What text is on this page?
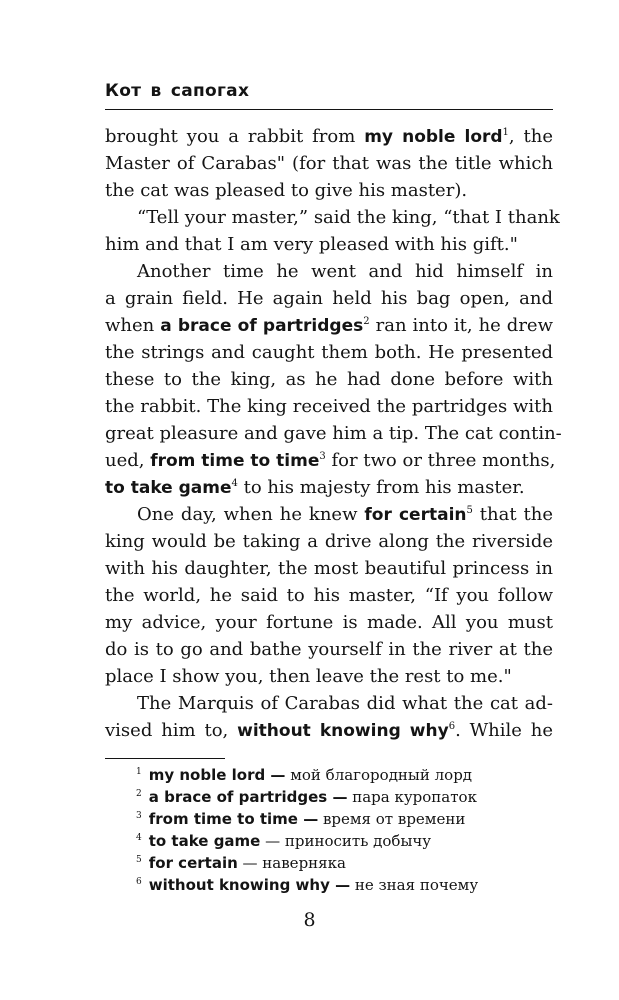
Кот в сапогах
brought you a rabbit from my noble lord$^1$, the
Master of Carabas" (for that was the title which
the cat was pleased to give his master).
“Tell your master,” said the king, “that I thank
him and that I am very pleased with his gift."
Another time he went and hid himself in
a grain field. He again held his bag open, and
when a brace of partridges$^2$ ran into it, he drew
the strings and caught them both. He presented
these to the king, as he had done before with
the rabbit. The king received the partridges with
great pleasure and gave him a tip. The cat contin-
ued, from time to time$^3$ for two or three months,
to take game$^4$ to his majesty from his master.
One day, when he knew for certain$^5$ that the
king would be taking a drive along the riverside
with his daughter, the most beautiful princess in
the world, he said to his master, “If you follow
my advice, your fortune is made. All you must
do is to go and bathe yourself in the river at the
place I show you, then leave the rest to me."
The Marquis of Carabas did what the cat ad-
vised him to, without knowing why$^6$. While he
$^1$ my noble lord — мой благородный лорд
$^2$ a brace of partridges — пара куропаток
$^3$ from time to time — время от времени
$^4$ to take game — приносить добычу
$^5$ for certain — наверняка
$^6$ without knowing why — не зная почему
8
